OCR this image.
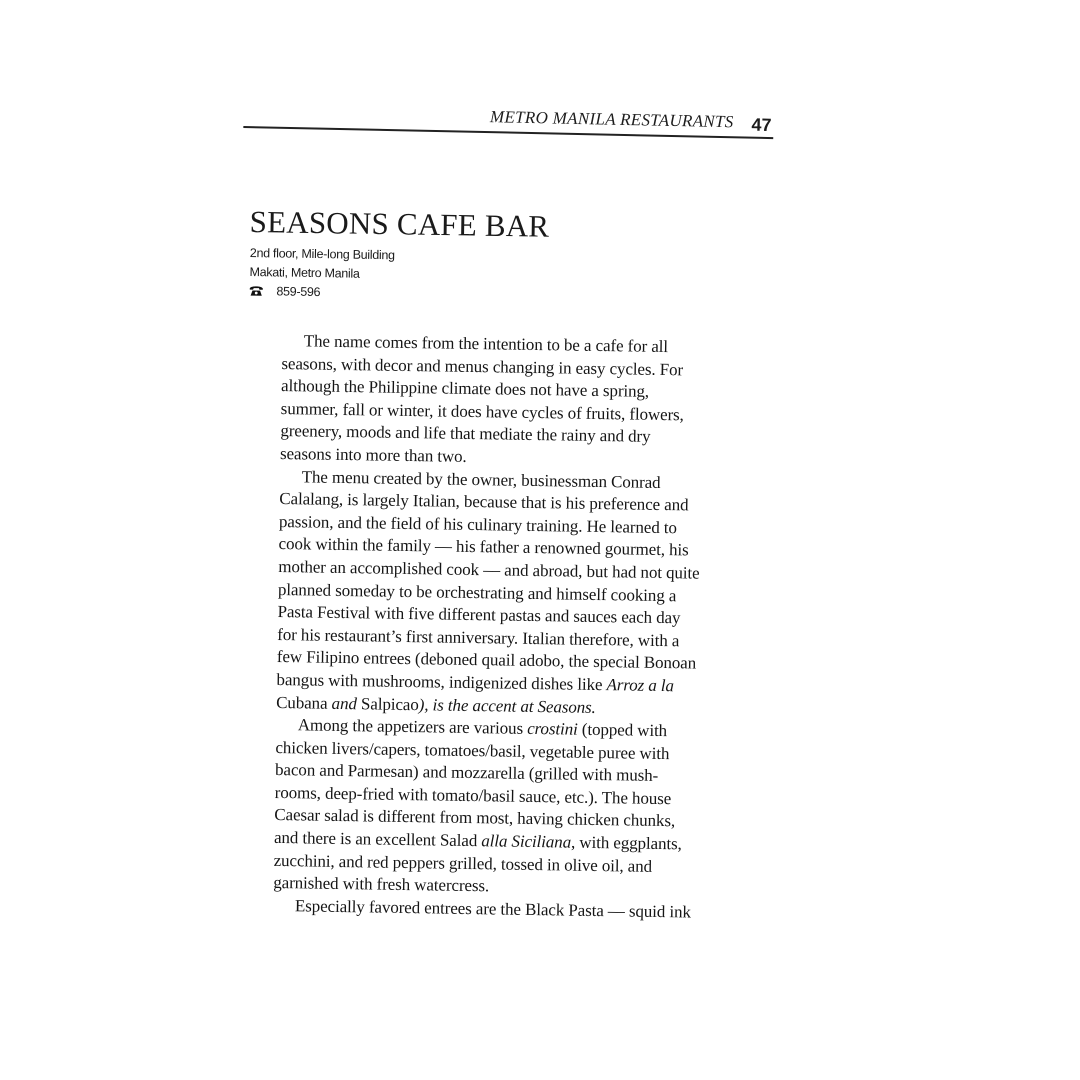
METRO MANILA RESTAURANTS 47
SEASONS CAFE BAR
2nd floor, Mile-long Building
Makati, Metro Manila
859-596
The name comes from the intention to be a cafe for all
seasons, with decor and menus changing in easy cycles. For
although the Philippine climate does not have a spring,
summer, fall or winter, it does have cycles of fruits, flowers,
greenery, moods and life that mediate the rainy and dry
seasons into more than two.
The menu created by the owner, businessman Conrad
Calalang, is largely Italian, because that is his preference and
passion, and the field of his culinary training. He learned to
cook within the family — his father a renowned gourmet, his
mother an accomplished cook — and abroad, but had not quite
planned someday to be orchestrating and himself cooking a
Pasta Festival with five different pastas and sauces each day
for his restaurant’s first anniversary. Italian therefore, with a
few Filipino entrees (deboned quail adobo, the special Bonoan
bangus with mushrooms, indigenized dishes like Arroz a la
Cubana and Salpicao), is the accent at Seasons.
Among the appetizers are various crostini (topped with
chicken livers/capers, tomatoes/basil, vegetable puree with
bacon and Parmesan) and mozzarella (grilled with mush-
rooms, deep-fried with tomato/basil sauce, etc.). The house
Caesar salad is different from most, having chicken chunks,
and there is an excellent Salad alla Siciliana, with eggplants,
zucchini, and red peppers grilled, tossed in olive oil, and
garnished with fresh watercress.
Especially favored entrees are the Black Pasta — squid ink
